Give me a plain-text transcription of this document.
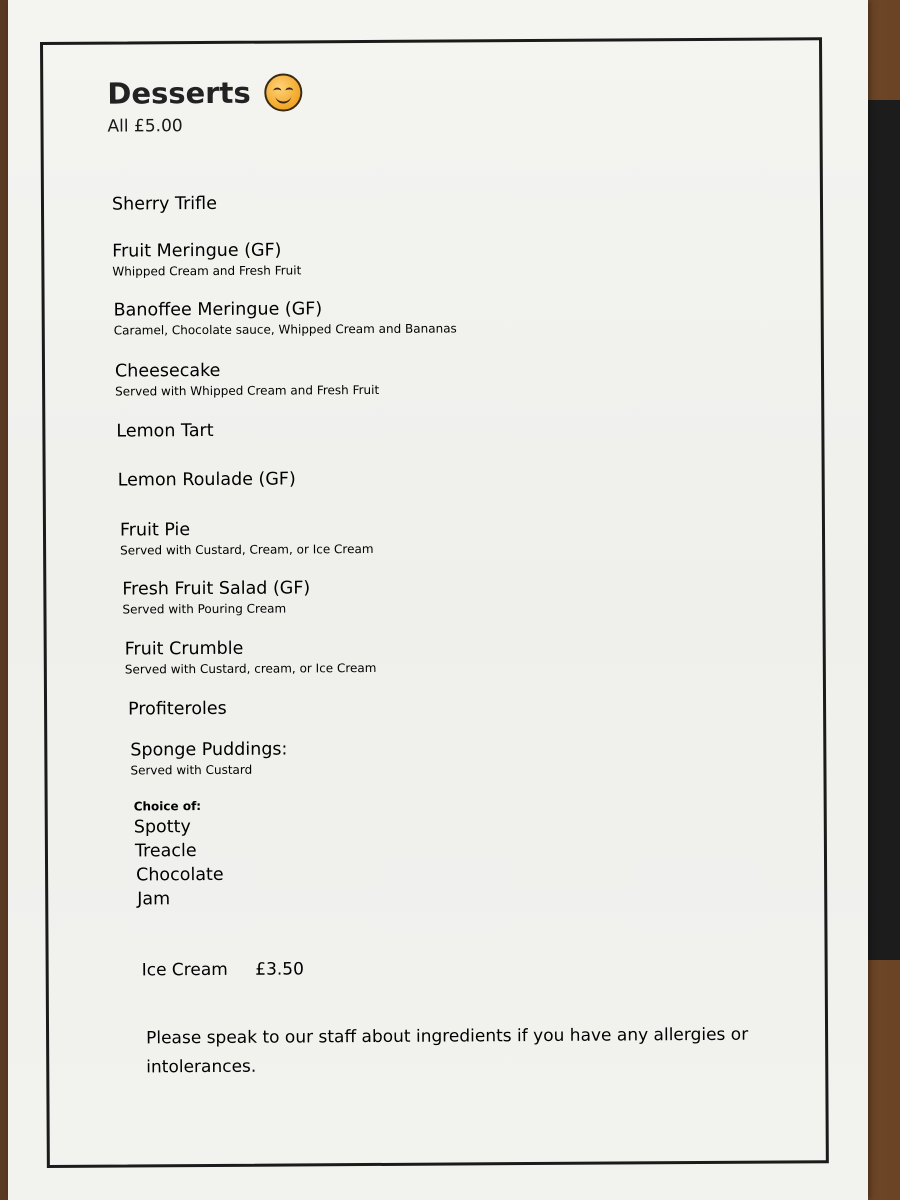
Desserts
All £5.00
Sherry Trifle
Fruit Meringue (GF)
Whipped Cream and Fresh Fruit
Banoffee Meringue (GF)
Caramel, Chocolate sauce, Whipped Cream and Bananas
Cheesecake
Served with Whipped Cream and Fresh Fruit
Lemon Tart
Lemon Roulade (GF)
Fruit Pie
Served with Custard, Cream, or Ice Cream
Fresh Fruit Salad (GF)
Served with Pouring Cream
Fruit Crumble
Served with Custard, cream, or Ice Cream
Profiteroles
Sponge Puddings:
Served with Custard
Choice of:
Spotty
Treacle
Chocolate
Jam
Ice Cream £3.50
Please speak to our staff about ingredients if you have any allergies or intolerances.
